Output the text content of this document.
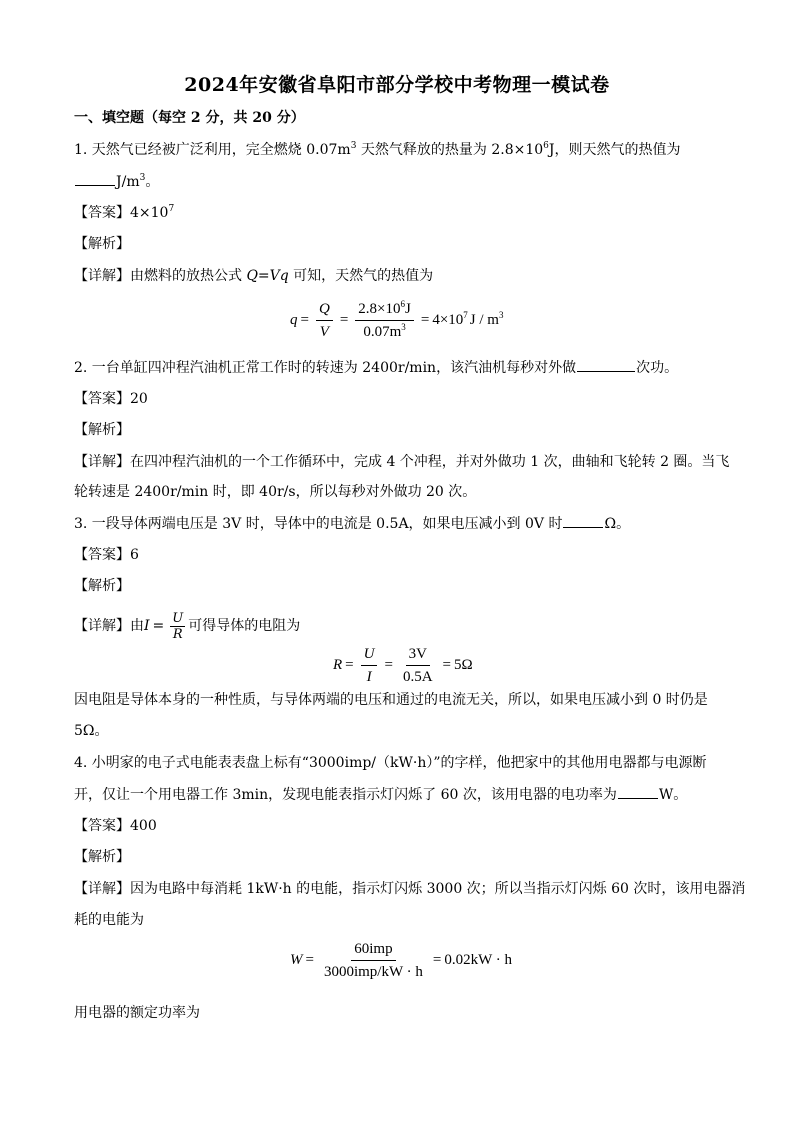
2024年安徽省阜阳市部分学校中考物理一模试卷
一、填空题（每空 2 分，共 20 分）
1. 天然气已经被广泛利用，完全燃烧 $0.07m^3$ 天然气释放的热量为 $2.8\times 10^6J$，则天然气的热值为
$J/m^3$。
【答案】$4\times 10^7$
【解析】
【详解】由燃料的放热公式 Q=Vq 可知，天然气的热值为
$q = \frac{Q}{V} = \frac{2.8\times 10^6J}{0.07m^3} = 4\times 10^7$ J / $m^3$
2. 一台单缸四冲程汽油机正常工作时的转速为 2400r/min，该汽油机每秒对外做	次功。
【答案】20
【解析】
【详解】在四冲程汽油机的一个工作循环中，完成 4 个冲程，并对外做功 1 次，曲轴和飞轮转 2 圈。当飞
轮转速是 2400r/min 时，即 40r/s，所以每秒对外做功 20 次。
3. 一段导体两端电压是 3V 时，导体中的电流是 0.5A，如果电压减小到 0V 时	Ω。
【答案】6
【解析】
【详解】 由 $I = \frac{U}{R}$ 可得导体的电阻为
$R = \frac{U}{I} = \frac{3V}{0.5A} = 5\Omega$
因电阻是导体本身的一种性质，与导体两端的电压和通过的电流无关，所以，如果电压减小到 0 时仍是
5Ω。
4. 小明家的电子式电能表表盘上标有“3000imp/（kW·h）”的字样，他把家中的其他用电器都与电源断
开，仅让一个用电器工作 3min，发现电能表指示灯闪烁了 60 次，该用电器的电功率为	W。
【答案】400
【解析】
【详解】因为电路中每消耗 1kW·h 的电能，指示灯闪烁 3000 次；所以当指示灯闪烁 60 次时，该用电器消
耗的电能为
$W = \frac{\text{60imp}}{\text{3000imp/kW · h}} = 0.02kW \cdot h$
用电器的额定功率为
